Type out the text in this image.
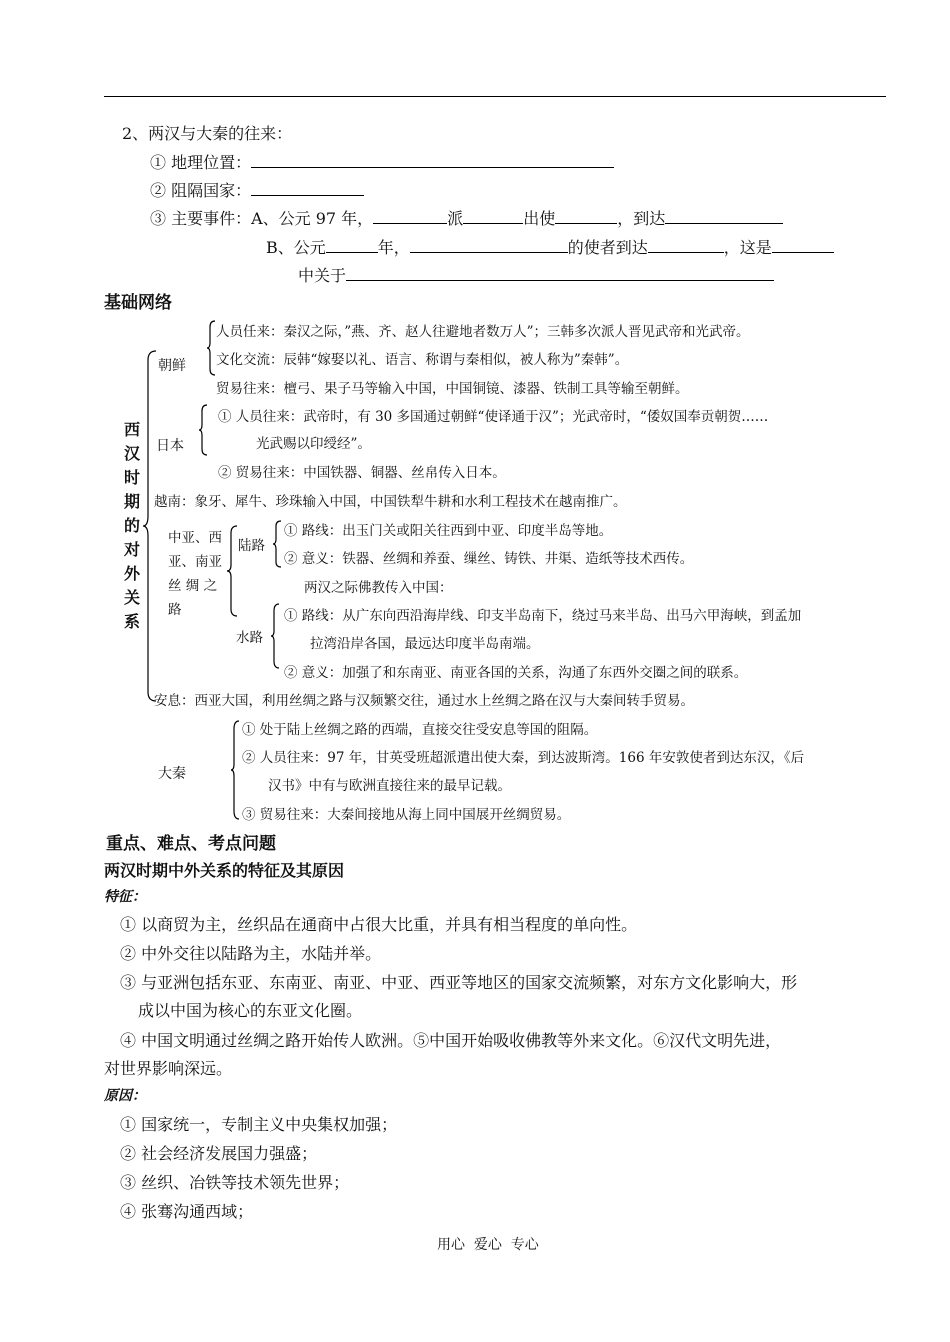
2、两汉与大秦的往来：
① 地理位置：
② 阻隔国家：
③ 主要事件：A、公元 97 年，	派	出使	，到达
B、公元	年，	的使者到达	，这是
中关于
基础网络
西汉时期的对外关系
朝鲜
人员任来：秦汉之际，”燕、齐、赵人往避地者数万人”；三韩多次派人晋见武帝和光武帝。
文化交流：辰韩“嫁娶以礼、语言、称谓与秦相似，被人称为”秦韩”。
贸易往来：檀弓、果子马等输入中国，中国铜镜、漆器、铁制工具等输至朝鲜。
日本
① 人员往来：武帝时，有 30 多国通过朝鲜“使译通于汉”；光武帝时，“倭奴国奉贡朝贺……
光武赐以印绶经”。
② 贸易往来：中国铁器、铜器、丝帛传入日本。
越南：象牙、犀牛、珍珠输入中国，中国铁犁牛耕和水利工程技术在越南推广。
中亚、西
亚、南亚
丝 绸 之
路
陆路
① 路线：出玉门关或阳关往西到中亚、印度半岛等地。
② 意义：铁器、丝绸和养蚕、缫丝、铸铁、井渠、造纸等技术西传。
两汉之际佛教传入中国：
水路
① 路线：从广东向西沿海岸线、印支半岛南下，绕过马来半岛、出马六甲海峡，到孟加
拉湾沿岸各国，最远达印度半岛南端。
② 意义：加强了和东南亚、南亚各国的关系，沟通了东西外交圈之间的联系。
安息：西亚大国，利用丝绸之路与汉频繁交往，通过水上丝绸之路在汉与大秦间转手贸易。
大秦
① 处于陆上丝绸之路的西端，直接交往受安息等国的阻隔。
② 人员往来：97 年，甘英受班超派遣出使大秦，到达波斯湾。166 年安敦使者到达东汉，《后
汉书》中有与欧洲直接往来的最早记载。
③ 贸易往来：大秦间接地从海上同中国展开丝绸贸易。
重点、难点、考点问题
两汉时期中外关系的特征及其原因
特征：
① 以商贸为主，丝织品在通商中占很大比重，并具有相当程度的单向性。
② 中外交往以陆路为主，水陆并举。
③ 与亚洲包括东亚、东南亚、南亚、中亚、西亚等地区的国家交流频繁，对东方文化影响大，形
成以中国为核心的东亚文化圈。
④ 中国文明通过丝绸之路开始传人欧洲。⑤中国开始吸收佛教等外来文化。⑥汉代文明先进，
对世界影响深远。
原因：
① 国家统一，专制主义中央集权加强；
② 社会经济发展国力强盛；
③ 丝织、冶铁等技术领先世界；
④ 张骞沟通西域；
用心  爱心  专心
